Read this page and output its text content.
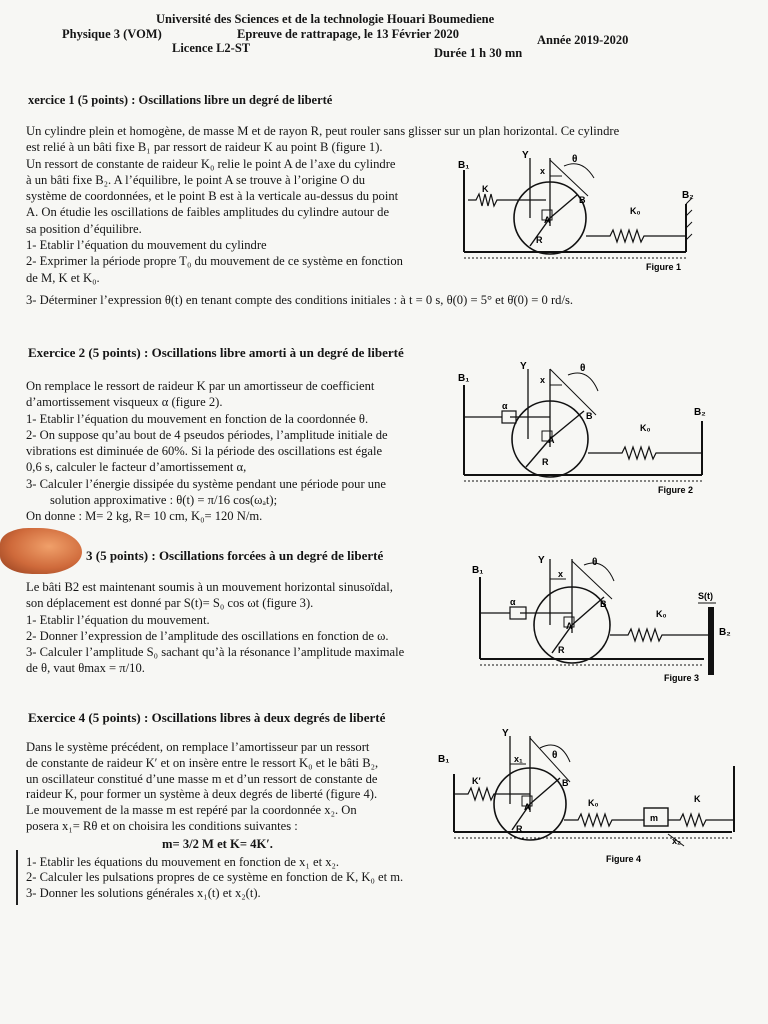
Université des Sciences et de la technologie Houari Boumediene
Physique 3 (VOM)	Epreuve de rattrapage, le 13 Février 2020	Année 2019-2020
Licence L2-ST	Durée 1 h 30 mn
xercice 1 (5 points) : Oscillations libre un degré de liberté
Un cylindre plein et homogène, de masse M et de rayon R, peut rouler sans glisser sur un plan horizontal. Ce cylindre
est relié à un bâti fixe B₁ par ressort de raideur K au point B (figure 1).
Un ressort de constante de raideur K₀ relie le point A de l’axe du cylindre
à un bâti fixe B₂. A l’équilibre, le point A se trouve à l’origine O du
système de coordonnées, et le point B est à la verticale au-dessus du point
A. On étudie les oscillations de faibles amplitudes du cylindre autour de
sa position d’équilibre.
1- Etablir l’équation du mouvement du cylindre
2- Exprimer la période propre T₀ du mouvement de ce système en fonction
de M, K et K₀.
3- Déterminer l’expression θ(t) en tenant compte des conditions initiales : à t = 0 s, θ(0) = 5° et θ̇(0) = 0 rd/s.
B₁
B₂
Y
x
θ
K
K₀
A
B
R
Figure 1
Exercice 2 (5 points) : Oscillations libre amorti à un degré de liberté
On remplace le ressort de raideur K par un amortisseur de coefficient
d’amortissement visqueux α (figure 2).
1- Etablir l’équation du mouvement en fonction de la coordonnée θ.
2- On suppose qu’au bout de 4 pseudos périodes, l’amplitude initiale de
vibrations est diminuée de 60%. Si la période des oscillations est égale
0,6 s, calculer le facteur d’amortissement α,
3- Calculer l’énergie dissipée du système pendant une période pour une
solution approximative : θ(t) = π/16 cos(ωₐt);
On donne : M= 2 kg, R= 10 cm, K₀= 120 N/m.
B₁
B₂
Y
x
θ
α
K₀
A
B
R
Figure 2
3 (5 points) : Oscillations forcées à un degré de liberté
Le bâti B2 est maintenant soumis à un mouvement horizontal sinusoïdal,
son déplacement est donné par S(t)= S₀ cos ωt (figure 3).
1- Etablir l’équation du mouvement.
2- Donner l’expression de l’amplitude des oscillations en fonction de ω.
3- Calculer l’amplitude S₀ sachant qu’à la résonance l’amplitude maximale
de θ, vaut θmax = π/10.
B₁
B₂
Y
x
θ
α
K₀
A
B
R
S(t)
Figure 3
Exercice 4 (5 points) : Oscillations libres à deux degrés de liberté
Dans le système précédent, on remplace l’amortisseur par un ressort
de constante de raideur K′ et on insère entre le ressort K₀ et le bâti B₂,
un oscillateur constitué d’une masse m et d’un ressort de constante de
raideur K, pour former un système à deux degrés de liberté (figure 4).
Le mouvement de la masse m est repéré par la coordonnée x₂. On
posera x₁= Rθ et on choisira les conditions suivantes :
m= 3/2 M et K= 4K′.
1- Etablir les équations du mouvement en fonction de x₁ et x₂.
2- Calculer les pulsations propres de ce système en fonction de K, K₀ et m.
3- Donner les solutions générales x₁(t) et x₂(t).
B₁
Y
x₁
x₂
θ
K′
K₀	K
m
A
B
R
Figure 4
